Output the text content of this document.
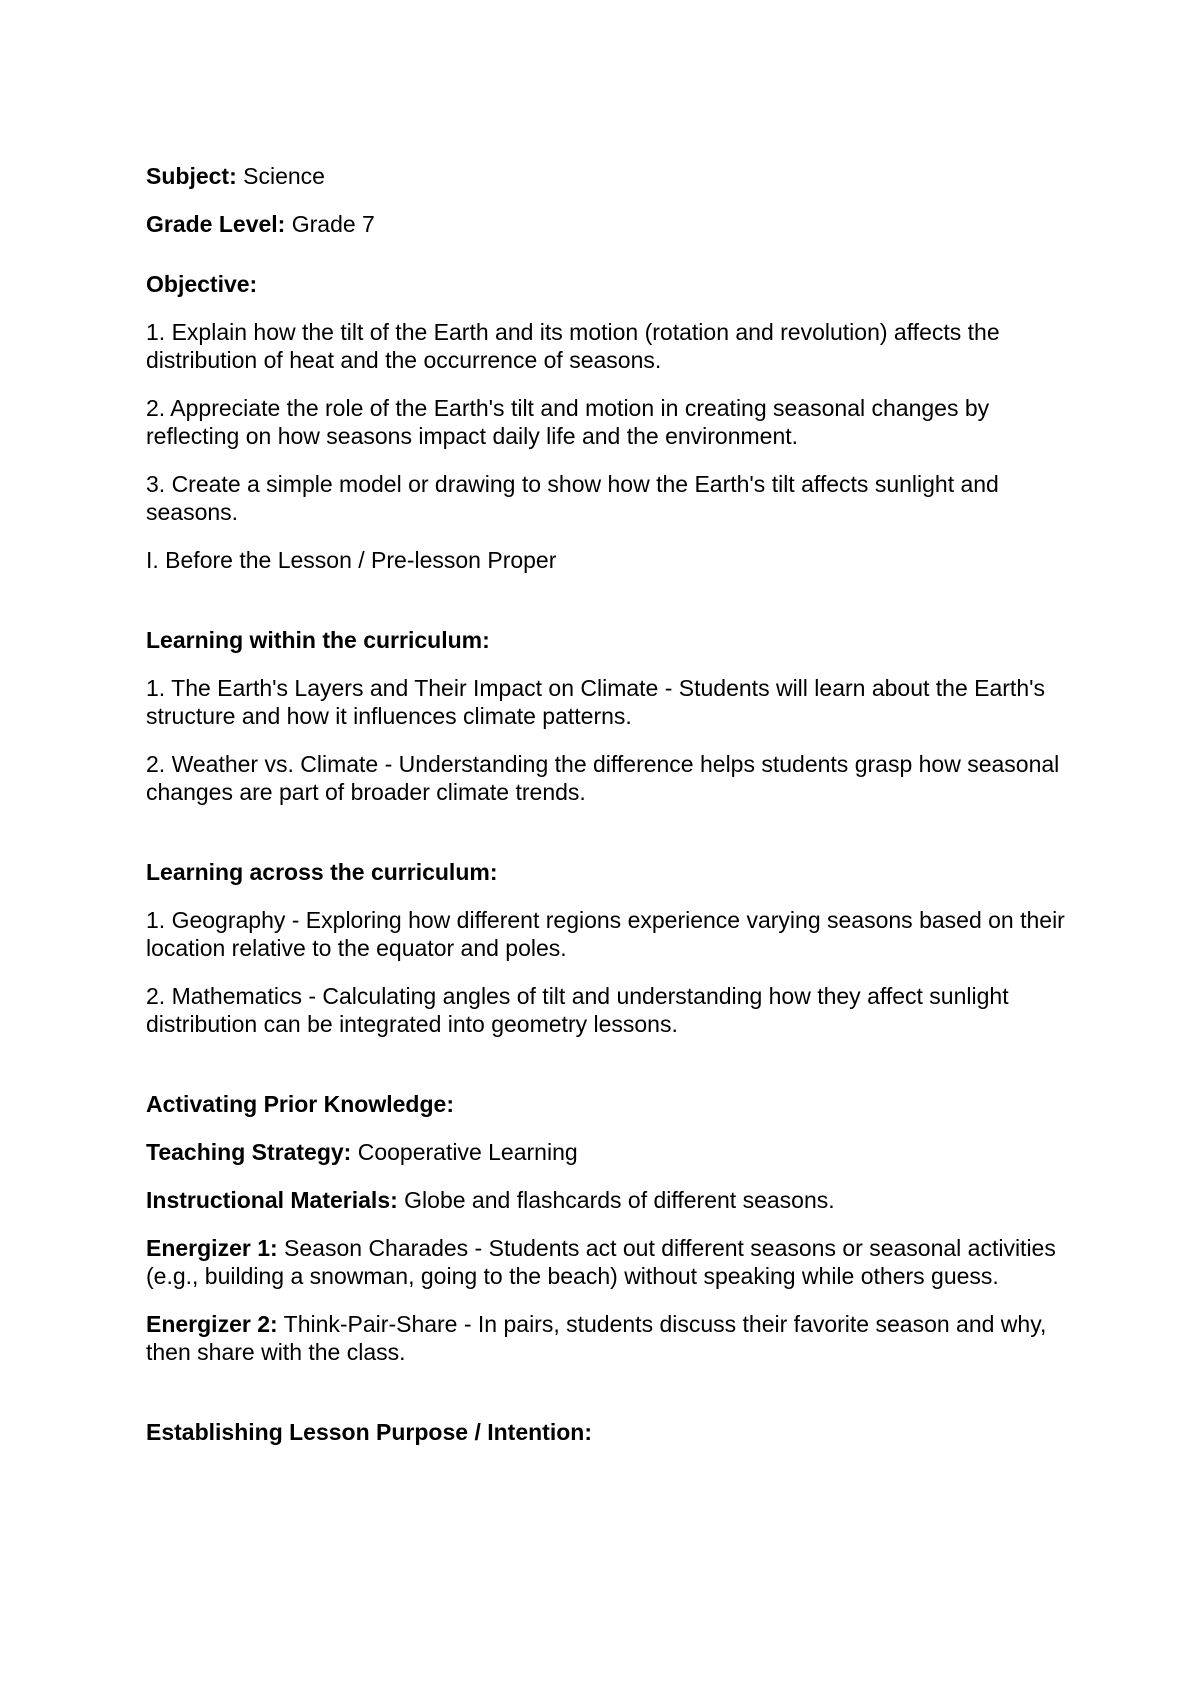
Subject: Science

Grade Level: Grade 7

Objective:

1. Explain how the tilt of the Earth and its motion (rotation and revolution) affects the distribution of heat and the occurrence of seasons.

2. Appreciate the role of the Earth's tilt and motion in creating seasonal changes by reflecting on how seasons impact daily life and the environment.

3. Create a simple model or drawing to show how the Earth's tilt affects sunlight and seasons.

I. Before the Lesson / Pre-lesson Proper

Learning within the curriculum:

1. The Earth's Layers and Their Impact on Climate - Students will learn about the Earth's structure and how it influences climate patterns.

2. Weather vs. Climate - Understanding the difference helps students grasp how seasonal changes are part of broader climate trends.

Learning across the curriculum:

1. Geography - Exploring how different regions experience varying seasons based on their location relative to the equator and poles.

2. Mathematics - Calculating angles of tilt and understanding how they affect sunlight distribution can be integrated into geometry lessons.

Activating Prior Knowledge:

Teaching Strategy: Cooperative Learning

Instructional Materials: Globe and flashcards of different seasons.

Energizer 1: Season Charades - Students act out different seasons or seasonal activities (e.g., building a snowman, going to the beach) without speaking while others guess.

Energizer 2: Think-Pair-Share - In pairs, students discuss their favorite season and why, then share with the class.

Establishing Lesson Purpose / Intention:
